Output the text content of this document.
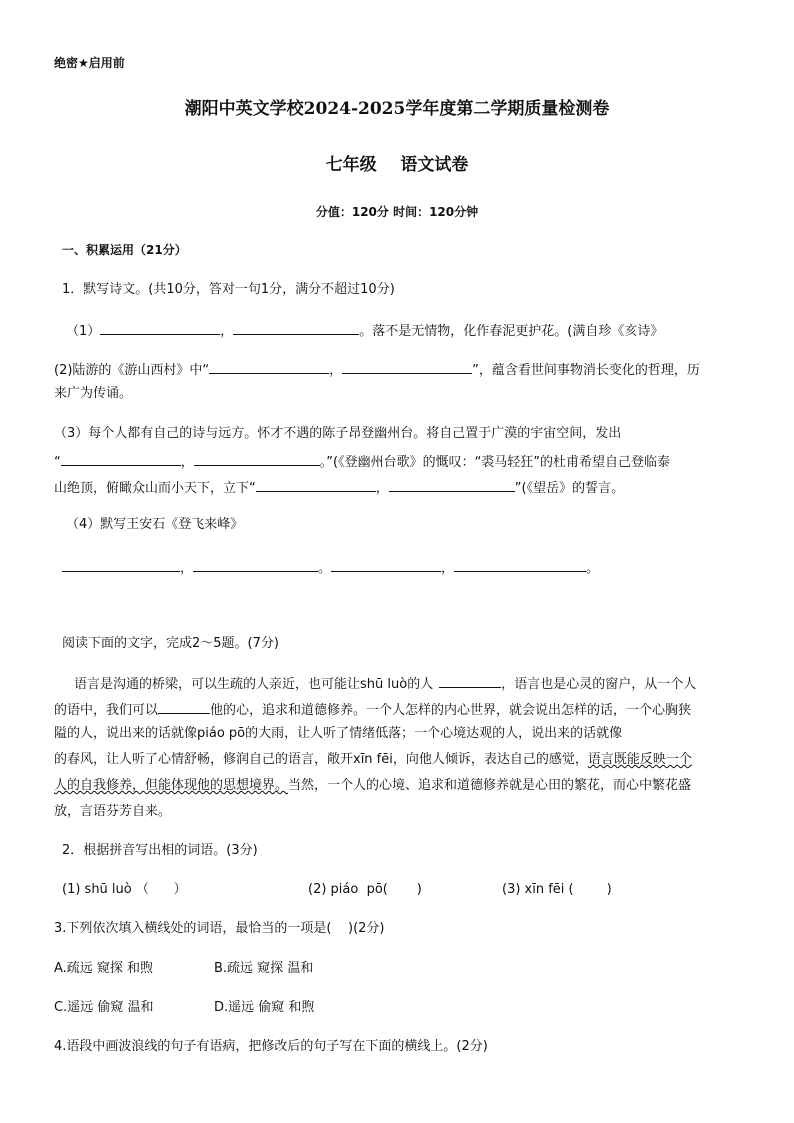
绝密★启用前
潮阳中英文学校2024-2025学年度第二学期质量检测卷
七年级    语文试卷
分值：120分 时间：120分钟
一、积累运用（21分）
1．默写诗文。(共10分，答对一句1分，满分不超过10分)
（1）	，	。落不是无情物，化作春泥更护花。(满自珍《亥诗》
(2)陆游的《游山西村》中“	，	”，蕴含看世间事物消长变化的哲理，历
来广为传诵。
（3）每个人都有自己的诗与远方。怀才不遇的陈子昂登幽州台。将自己置于广漠的宇宙空间，发出
“	，	。”(《登幽州台歌》的慨叹：“裘马轻狂”的杜甫希望自己登临泰
山绝顶，俯瞰众山而小天下，立下“	，	”(《望岳》的誓言。
（4）默写王安石《登飞来峰》
，	。	，	。
阅读下面的文字，完成2～5题。(7分)
语言是沟通的桥梁，可以生疏的人亲近，也可能让shū luò的人	，语言也是心灵的窗户，从一个人
的语中，我们可以	他的心，追求和道德修养。一个人怎样的内心世界，就会说出怎样的话，一个心胸狭
隘的人，说出来的话就像piáo pō的大雨，让人听了情绪低落；一个心境达观的人，说出来的话就像
的春风，让人听了心情舒畅，修润自己的语言，敞开xīn fēi，向他人倾诉，表达自己的感觉，语言既能反映一个
人的自我修养，但能体现他的思想境界。当然，一个人的心境、追求和道德修养就是心田的繁花，而心中繁花盛
放，言语芬芳自来。
2．根据拼音写出相的词语。(3分)
(1) shū luò （      ）	(2) piáo  pō(       )	(3) xīn fēi (        )
3.下列依次填入横线处的词语，最恰当的一项是(    )(2分)
A.疏远 窥探 和煦	B.疏远 窥探 温和
C.遥远 偷窥 温和	D.遥远 偷窥 和煦
4.语段中画波浪线的句子有语病，把修改后的句子写在下面的横线上。(2分)
